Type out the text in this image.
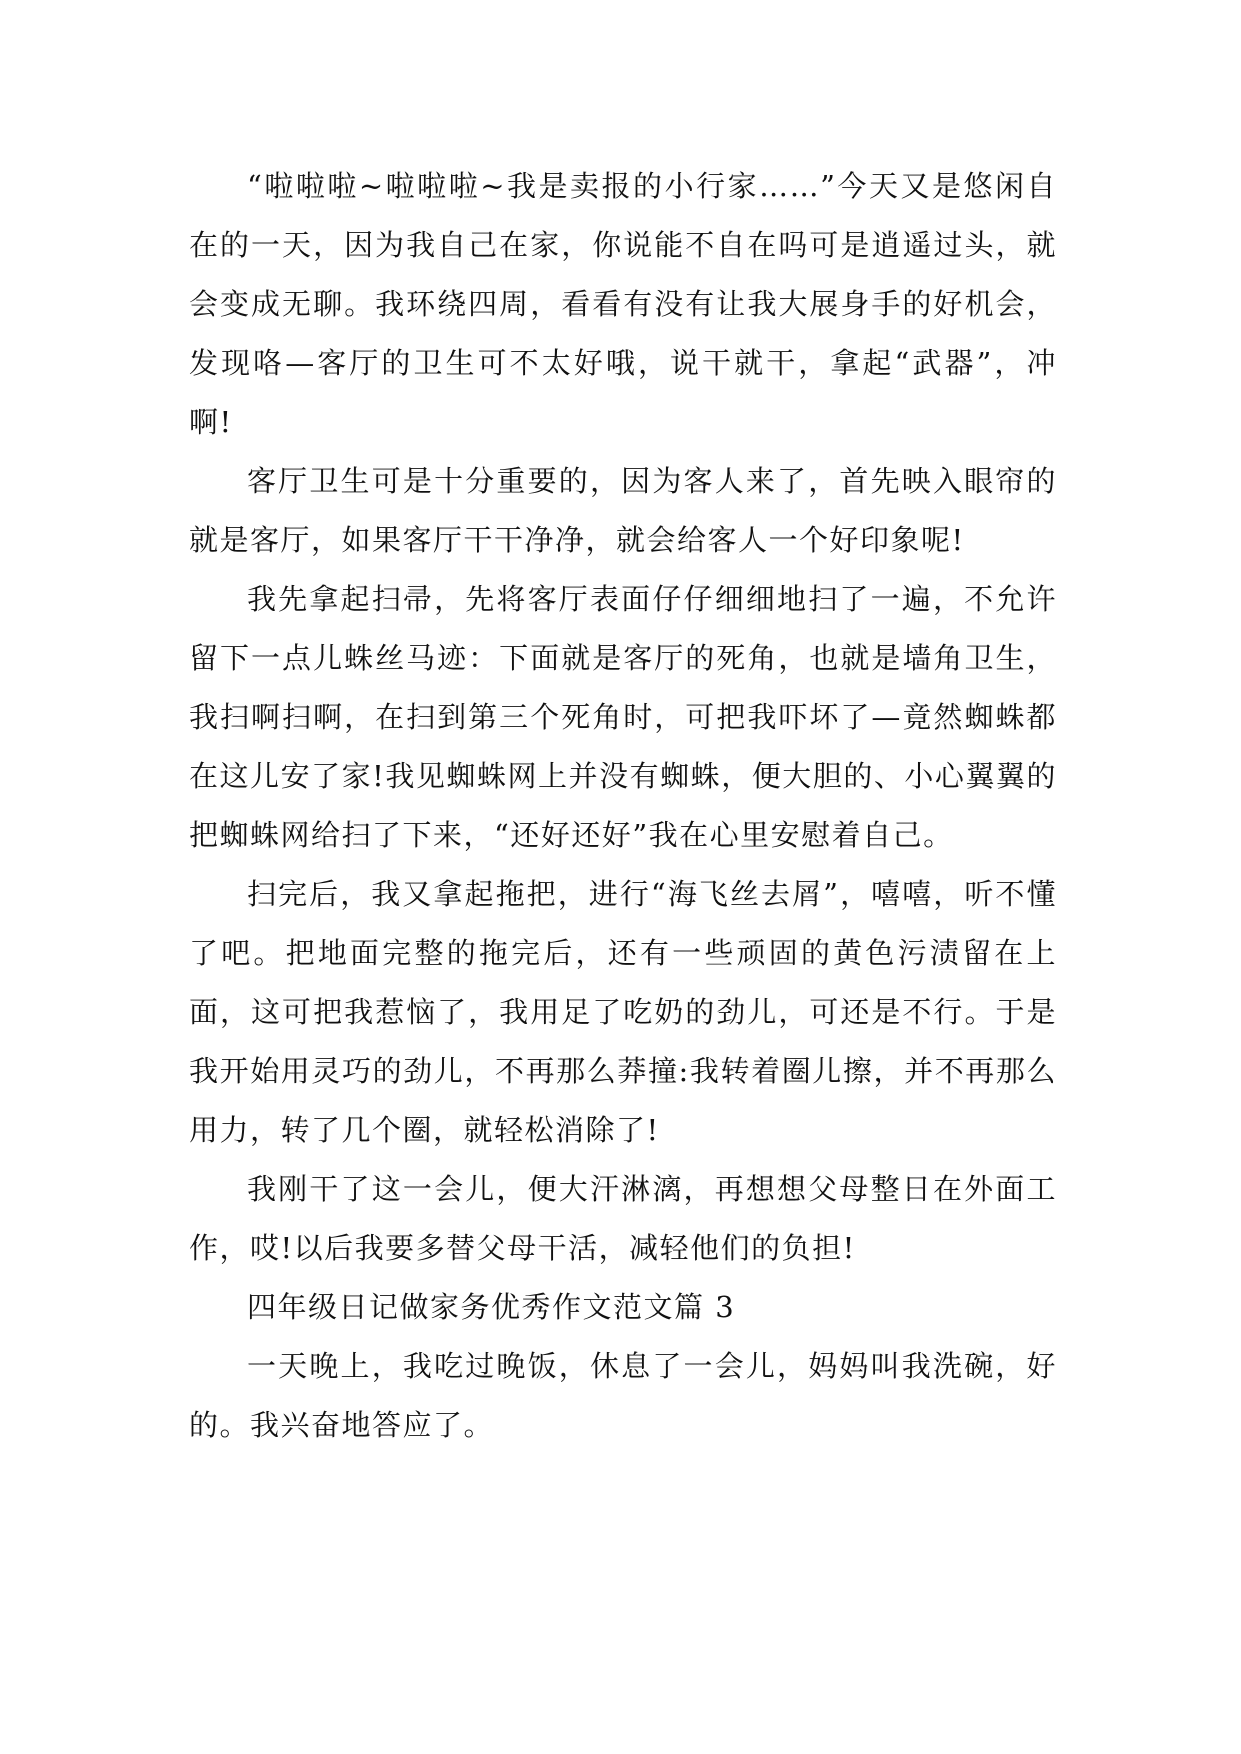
“啦啦啦~啦啦啦~我是卖报的小行家……”今天又是悠闲自在的一天，因为我自己在家，你说能不自在吗可是逍遥过头，就会变成无聊。我环绕四周，看看有没有让我大展身手的好机会，发现咯—客厅的卫生可不太好哦，说干就干，拿起“武器”，冲啊!

客厅卫生可是十分重要的，因为客人来了，首先映入眼帘的就是客厅，如果客厅干干净净，就会给客人一个好印象呢!

我先拿起扫帚，先将客厅表面仔仔细细地扫了一遍，不允许留下一点儿蛛丝马迹：下面就是客厅的死角，也就是墙角卫生，我扫啊扫啊，在扫到第三个死角时，可把我吓坏了—竟然蜘蛛都在这儿安了家!我见蜘蛛网上并没有蜘蛛，便大胆的、小心翼翼的把蜘蛛网给扫了下来，“还好还好”我在心里安慰着自己。

扫完后，我又拿起拖把，进行“海飞丝去屑”，嘻嘻，听不懂了吧。把地面完整的拖完后，还有一些顽固的黄色污渍留在上面，这可把我惹恼了，我用足了吃奶的劲儿，可还是不行。于是我开始用灵巧的劲儿，不再那么莽撞:我转着圈儿擦，并不再那么用力，转了几个圈，就轻松消除了!

我刚干了这一会儿，便大汗淋漓，再想想父母整日在外面工作，哎!以后我要多替父母干活，减轻他们的负担!

四年级日记做家务优秀作文范文篇 3

一天晚上，我吃过晚饭，休息了一会儿，妈妈叫我洗碗，好的。我兴奋地答应了。
